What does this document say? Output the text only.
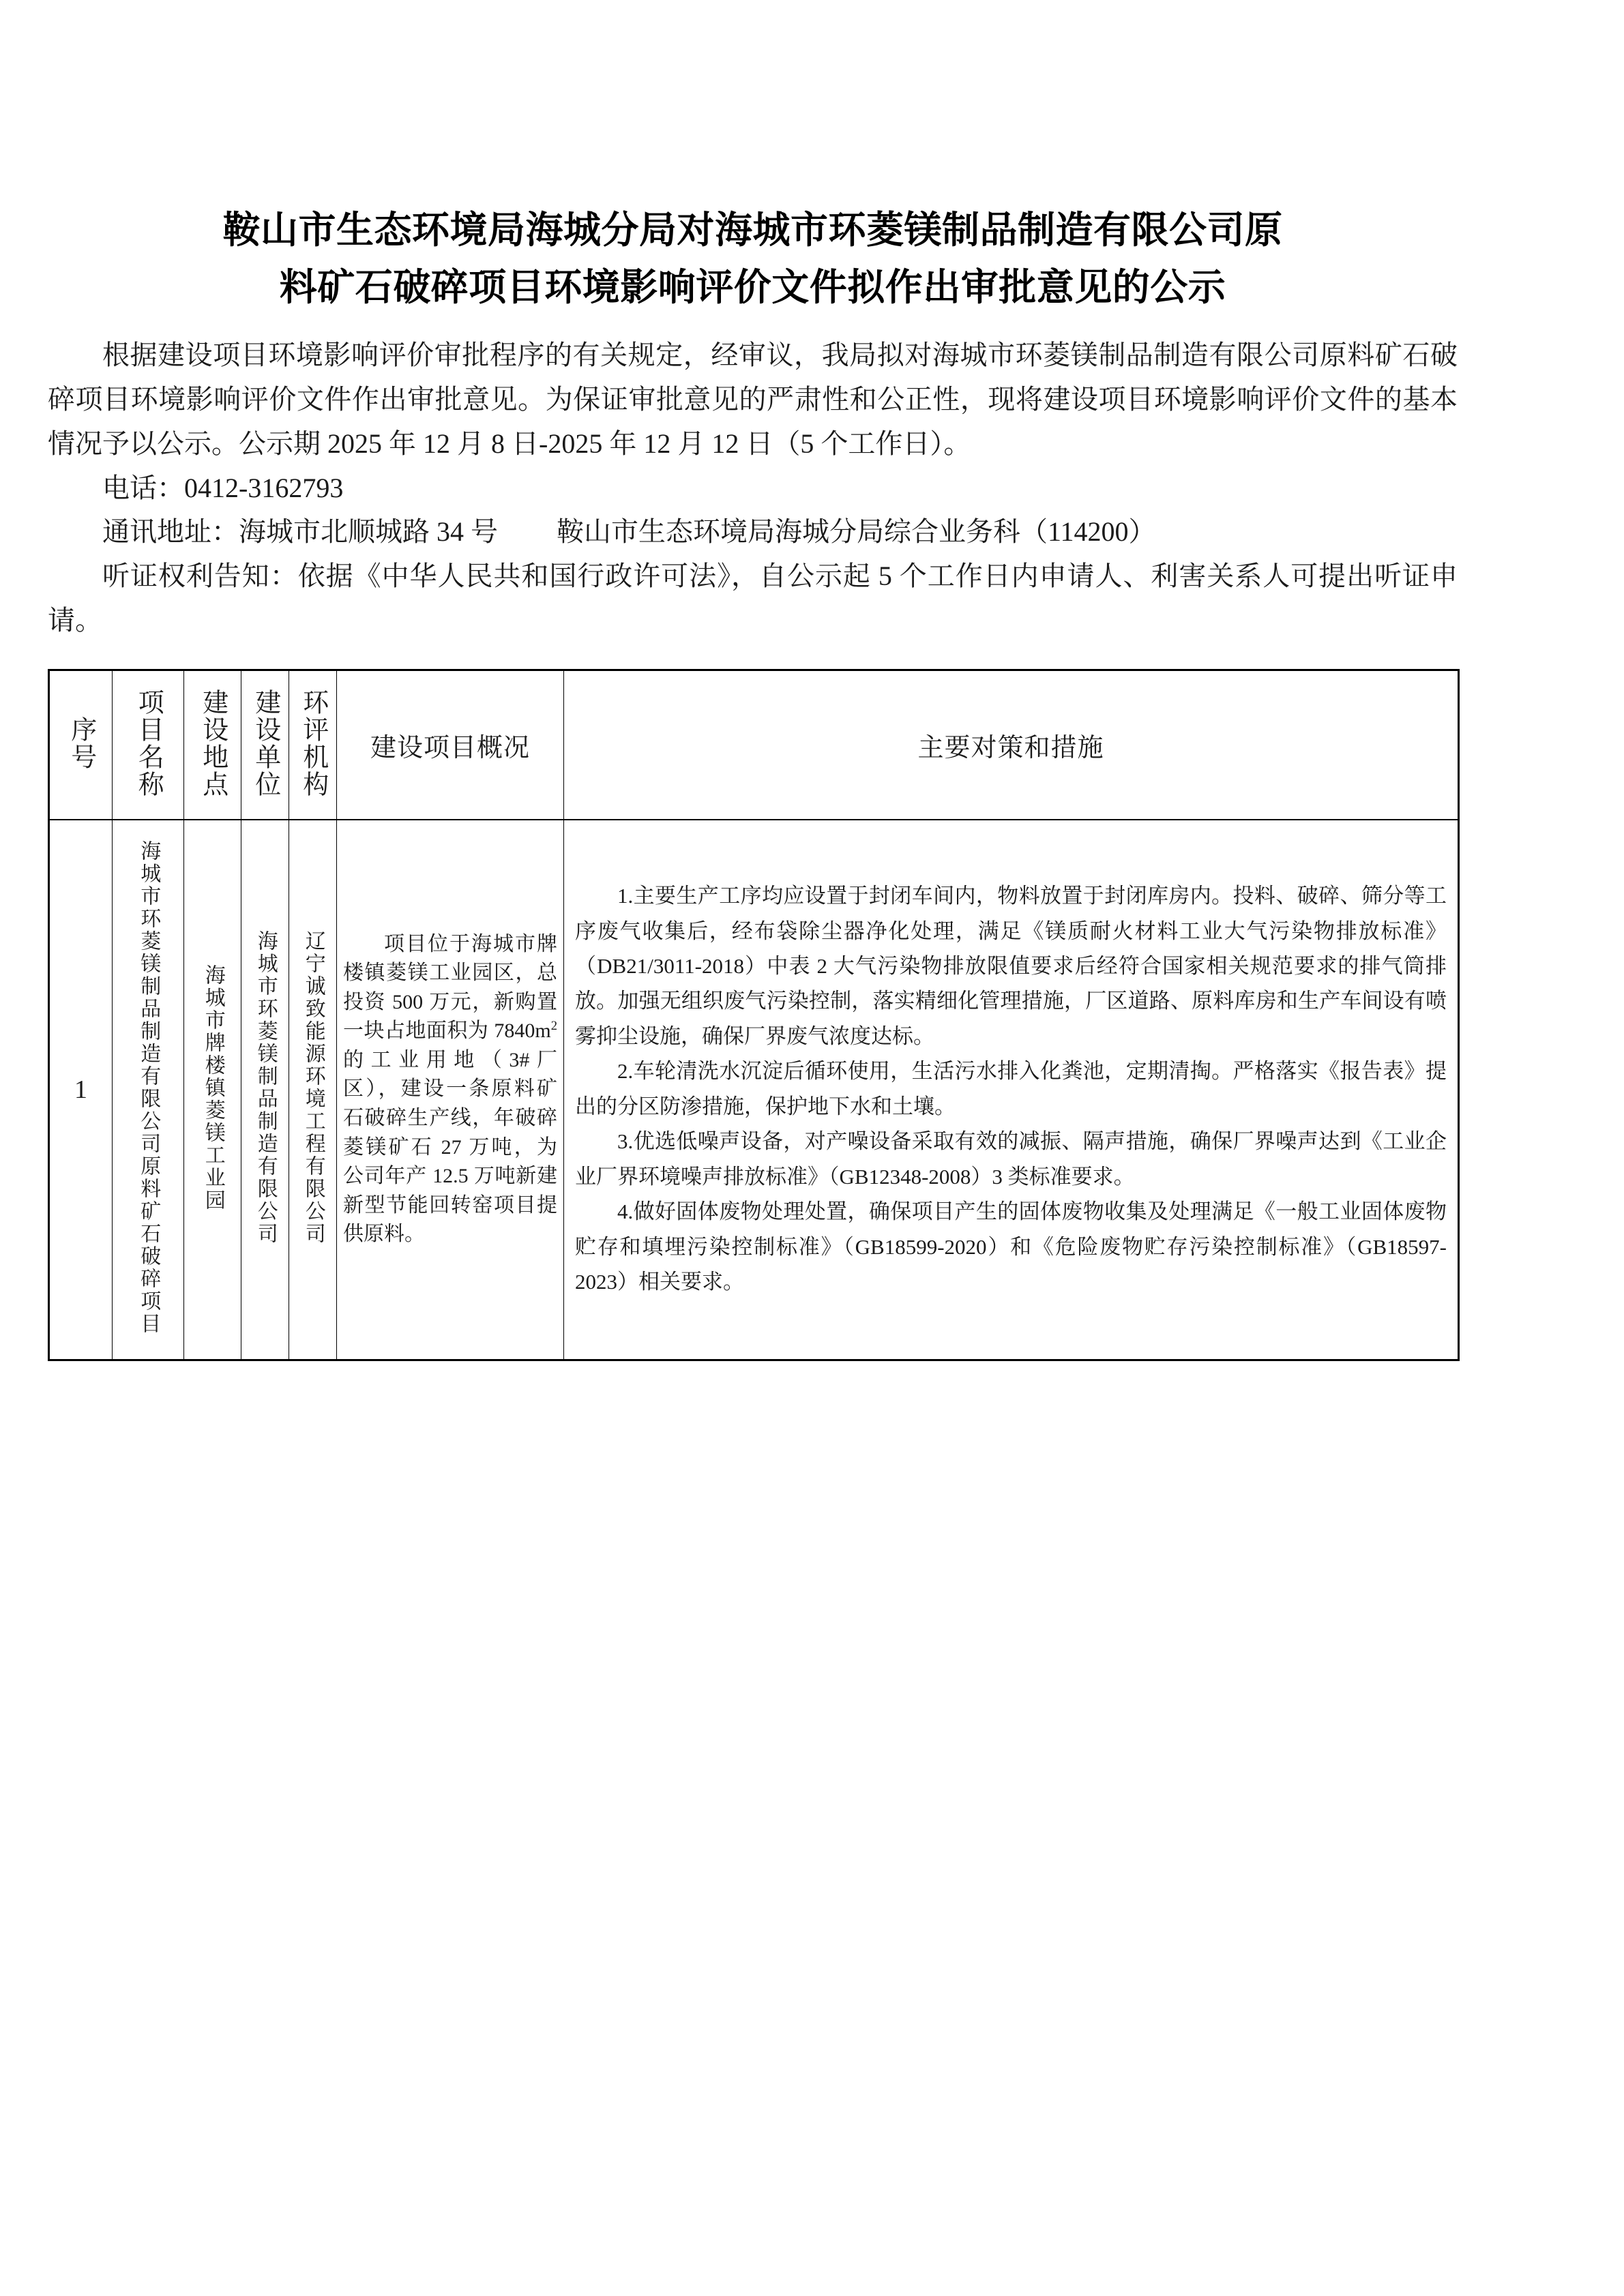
鞍山市生态环境局海城分局对海城市环菱镁制品制造有限公司原
料矿石破碎项目环境影响评价文件拟作出审批意见的公示

根据建设项目环境影响评价审批程序的有关规定，经审议，我局拟对海城市环菱镁制品制造有限公司原料矿石破碎项目环境影响评价文件作出审批意见。为保证审批意见的严肃性和公正性，现将建设项目环境影响评价文件的基本情况予以公示。公示期 2025 年 12 月 8 日-2025 年 12 月 12 日（5 个工作日）。

电话：0412-3162793

通讯地址：海城市北顺城路 34 号 鞍山市生态环境局海城分局综合业务科（114200）

听证权利告知：依据《中华人民共和国行政许可法》，自公示起 5 个工作日内申请人、利害关系人可提出听证申请。

序号	项目名称	建设地点	建设单位	环评机构	建设项目概况	主要对策和措施
1	海城市环菱镁制品制造有限公司原料矿石破碎项目	海城市牌楼镇菱镁工业园	海城市环菱镁制品制造有限公司	辽宁诚致能源环境工程有限公司	项目位于海城市牌楼镇菱镁工业园区，总投资 500 万元，新购置一块占地面积为 $7840m^2$的工业用地（3#厂区），建设一条原料矿石破碎生产线，年破碎菱镁矿石 27 万吨，为公司年产 12.5 万吨新建新型节能回转窑项目提供原料。	1.主要生产工序均应设置于封闭车间内，物料放置于封闭库房内。投料、破碎、筛分等工序废气收集后，经布袋除尘器净化处理，满足《镁质耐火材料工业大气污染物排放标准》（DB21/3011-2018）中表 2 大气污染物排放限值要求后经符合国家相关规范要求的排气筒排放。加强无组织废气污染控制，落实精细化管理措施，厂区道路、原料库房和生产车间设有喷雾抑尘设施，确保厂界废气浓度达标。

2.车轮清洗水沉淀后循环使用，生活污水排入化粪池，定期清掏。严格落实《报告表》提出的分区防渗措施，保护地下水和土壤。

3.优选低噪声设备，对产噪设备采取有效的减振、隔声措施，确保厂界噪声达到《工业企业厂界环境噪声排放标准》（GB12348-2008）3 类标准要求。

4.做好固体废物处理处置，确保项目产生的固体废物收集及处理满足《一般工业固体废物贮存和填埋污染控制标准》（GB18599-2020）和《危险废物贮存污染控制标准》（GB18597-2023）相关要求。
